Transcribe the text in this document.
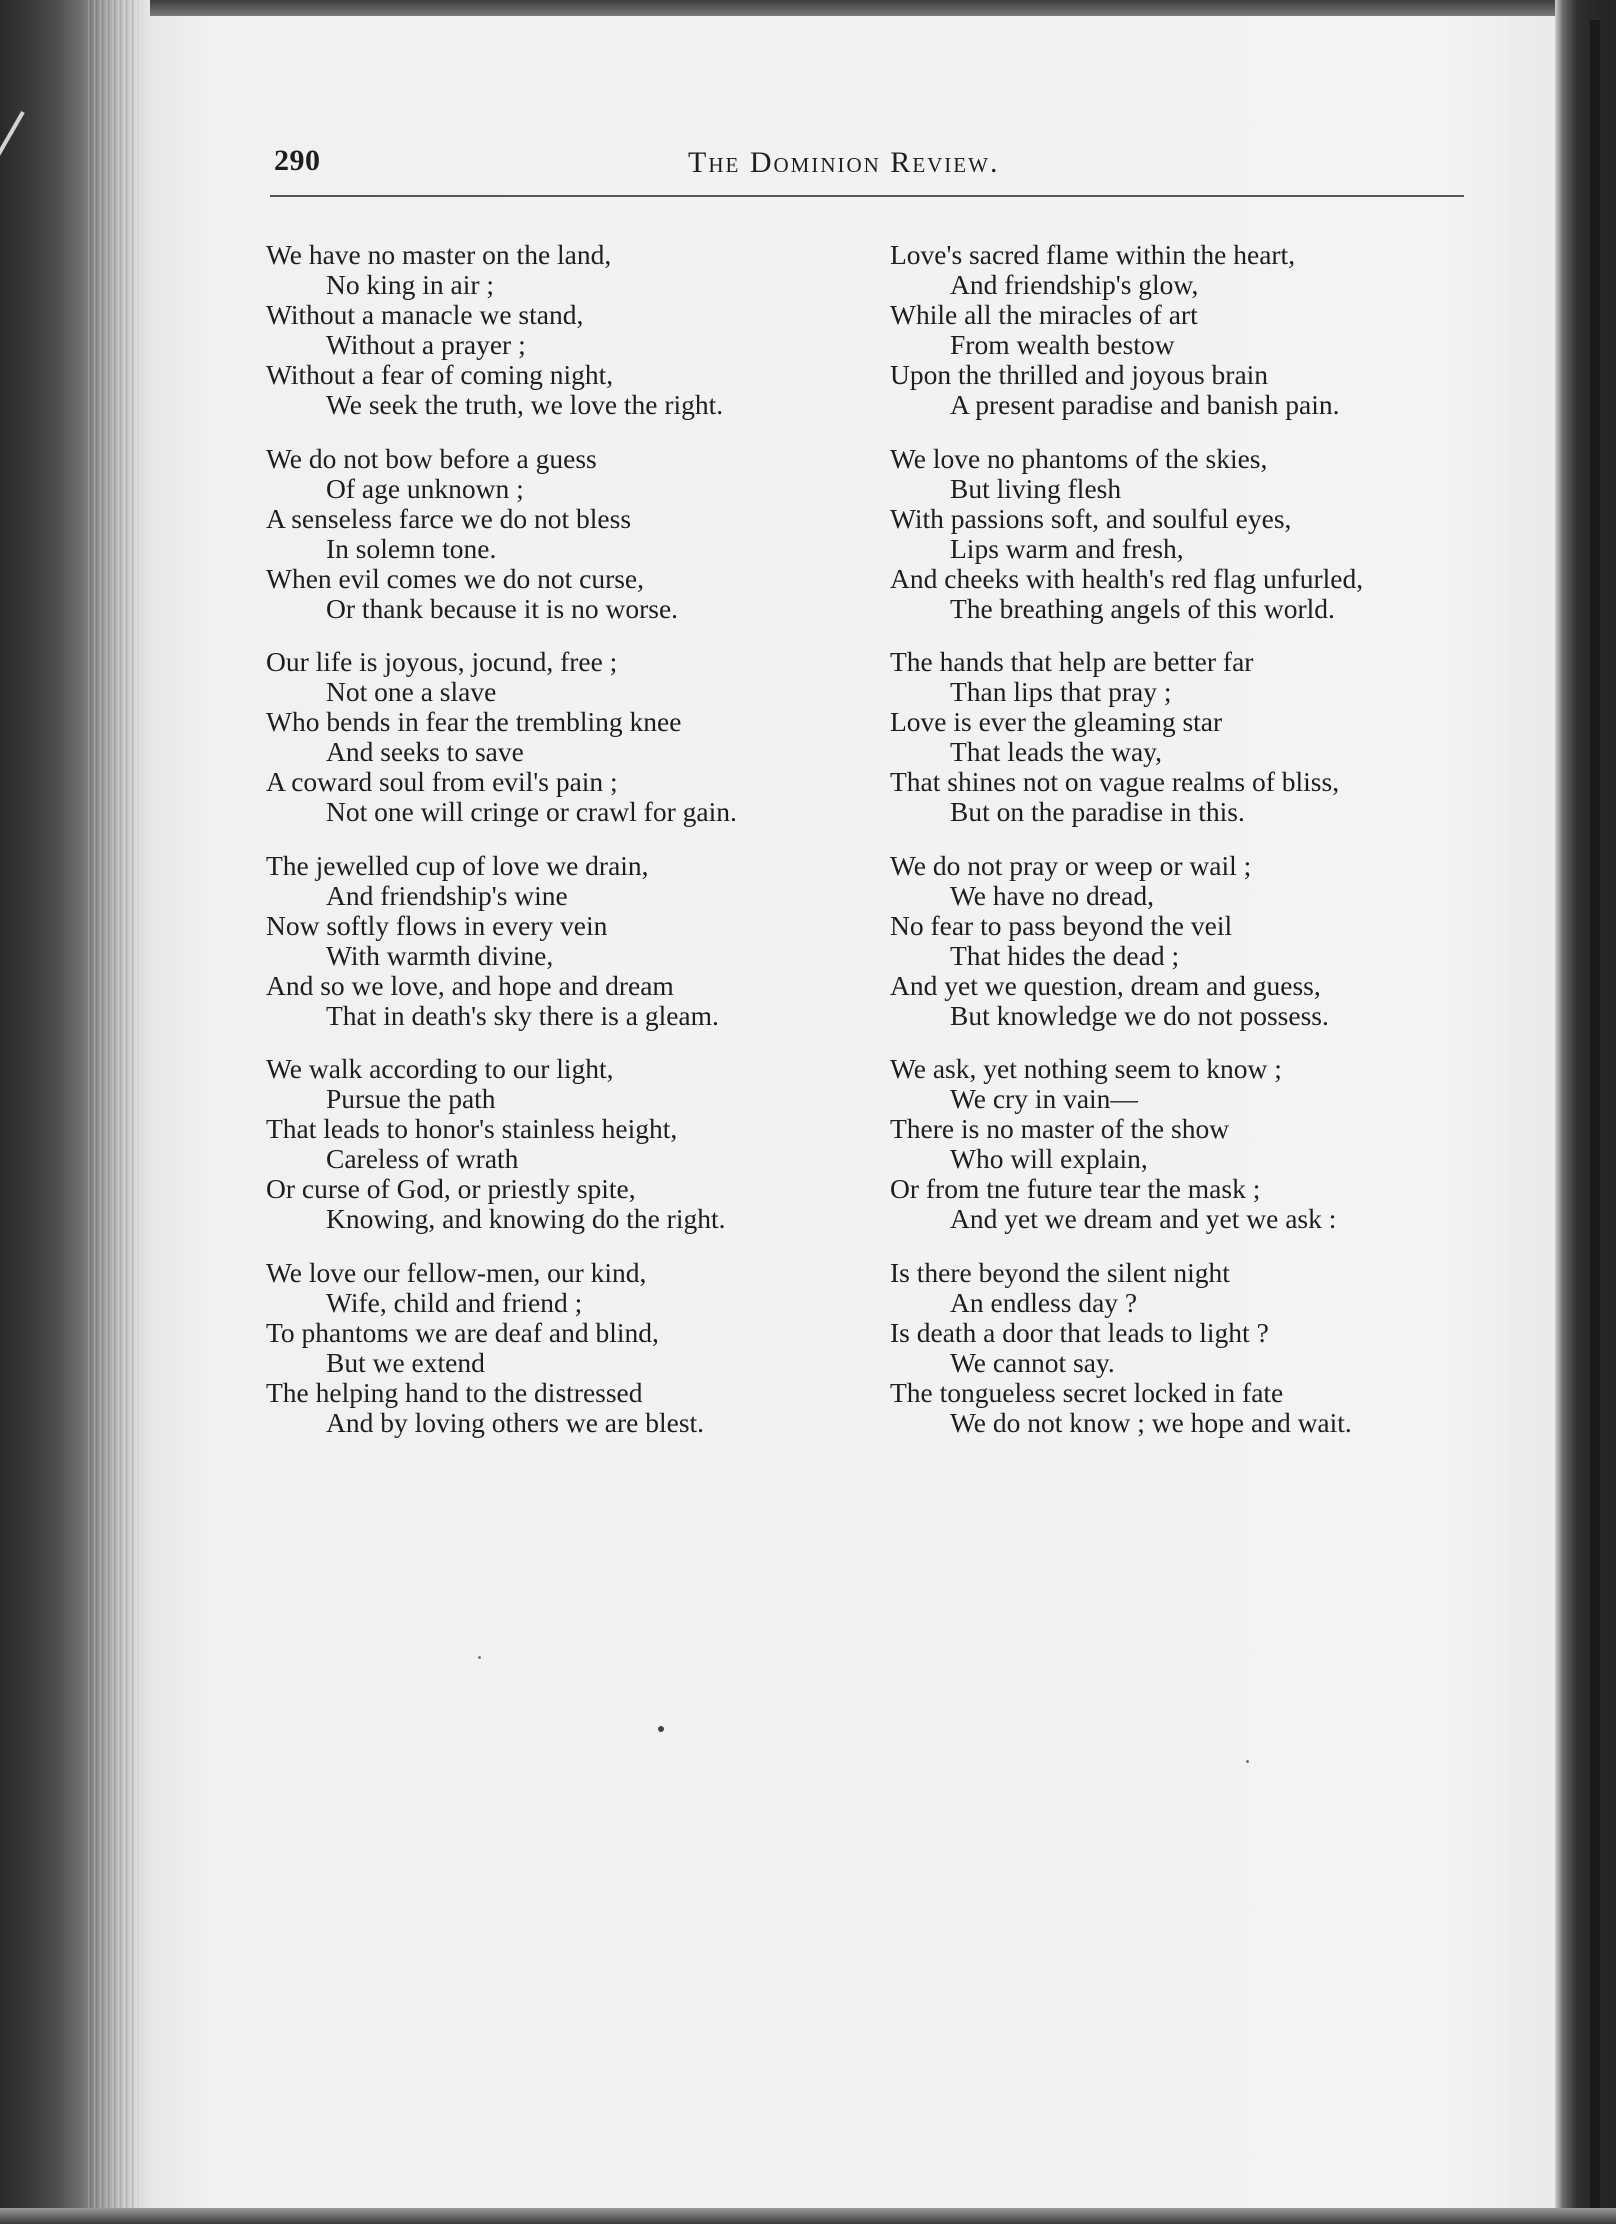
290	The Dominion Review.
We have no master on the land,
No king in air ;
Without a manacle we stand,
Without a prayer ;
Without a fear of coming night,
We seek the truth, we love the right.
We do not bow before a guess
Of age unknown ;
A senseless farce we do not bless
In solemn tone.
When evil comes we do not curse,
Or thank because it is no worse.
Our life is joyous, jocund, free ;
Not one a slave
Who bends in fear the trembling knee
And seeks to save
A coward soul from evil's pain ;
Not one will cringe or crawl for gain.
The jewelled cup of love we drain,
And friendship's wine
Now softly flows in every vein
With warmth divine,
And so we love, and hope and dream
That in death's sky there is a gleam.
We walk according to our light,
Pursue the path
That leads to honor's stainless height,
Careless of wrath
Or curse of God, or priestly spite,
Knowing, and knowing do the right.
We love our fellow-men, our kind,
Wife, child and friend ;
To phantoms we are deaf and blind,
But we extend
The helping hand to the distressed
And by loving others we are blest.
Love's sacred flame within the heart,
And friendship's glow,
While all the miracles of art
From wealth bestow
Upon the thrilled and joyous brain
A present paradise and banish pain.
We love no phantoms of the skies,
But living flesh
With passions soft, and soulful eyes,
Lips warm and fresh,
And cheeks with health's red flag unfurled,
The breathing angels of this world.
The hands that help are better far
Than lips that pray ;
Love is ever the gleaming star
That leads the way,
That shines not on vague realms of bliss,
But on the paradise in this.
We do not pray or weep or wail ;
We have no dread,
No fear to pass beyond the veil
That hides the dead ;
And yet we question, dream and guess,
But knowledge we do not possess.
We ask, yet nothing seem to know ;
We cry in vain—
There is no master of the show
Who will explain,
Or from tne future tear the mask ;
And yet we dream and yet we ask :
Is there beyond the silent night
An endless day ?
Is death a door that leads to light ?
We cannot say.
The tongueless secret locked in fate
We do not know ; we hope and wait.
